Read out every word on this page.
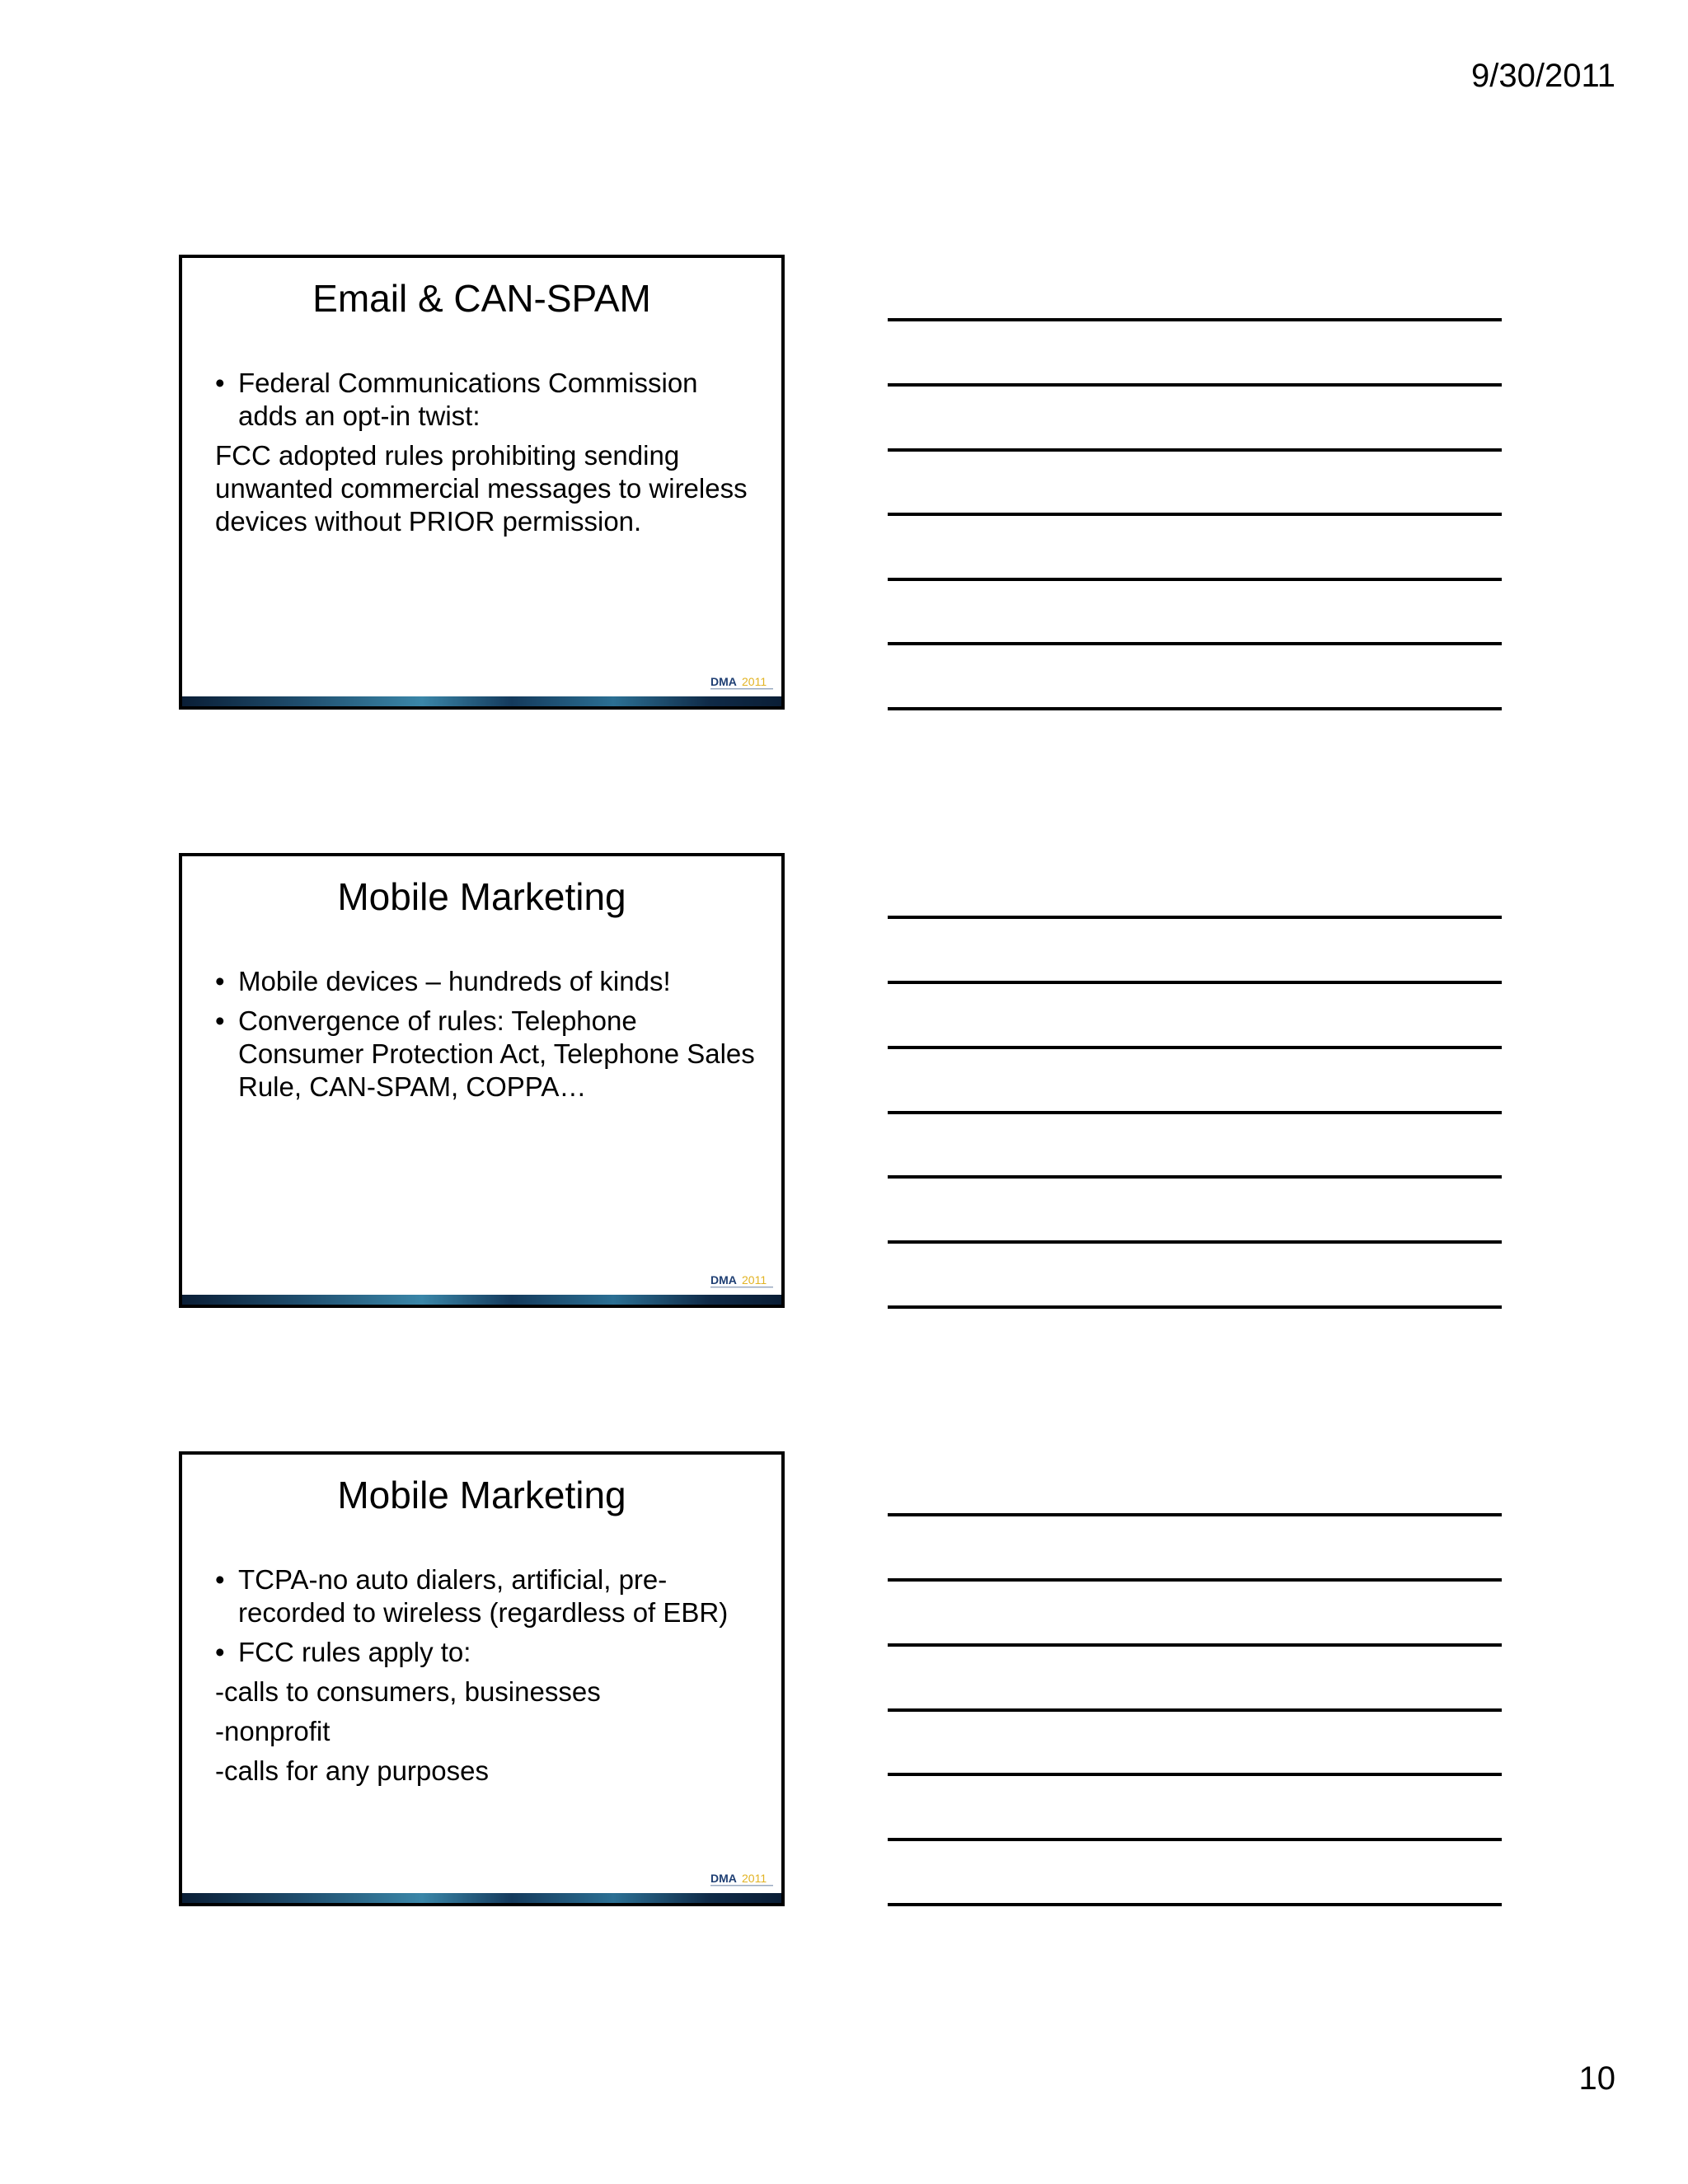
9/30/2011
Email & CAN-SPAM
• Federal Communications Commission adds an opt-in twist:
FCC adopted rules prohibiting sending unwanted commercial messages to wireless devices without PRIOR permission.
DMA 2011
Mobile Marketing
• Mobile devices – hundreds of kinds!
• Convergence of rules: Telephone Consumer Protection Act, Telephone Sales Rule, CAN-SPAM, COPPA…
DMA 2011
Mobile Marketing
• TCPA-no auto dialers, artificial, pre-recorded to wireless (regardless of EBR)
• FCC rules apply to:
-calls to consumers, businesses
-nonprofit
-calls for any purposes
DMA 2011
10
